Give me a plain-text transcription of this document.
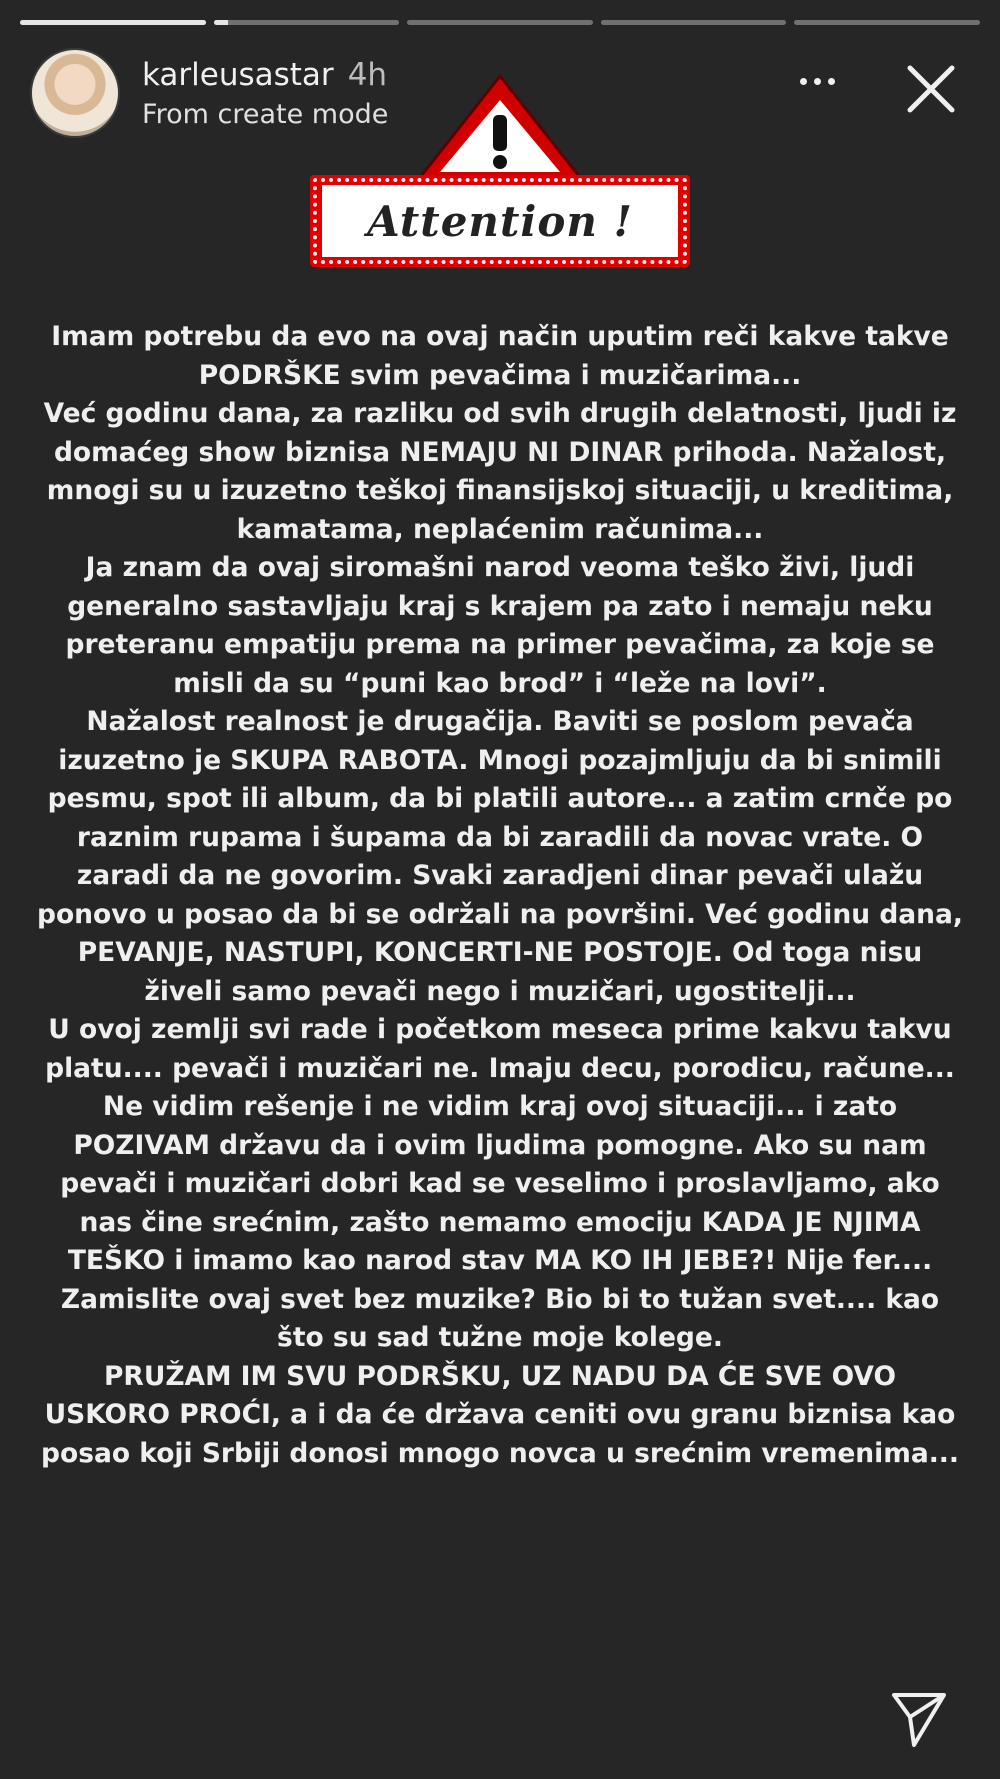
karleusastar 4h
From create mode
Attention !

Imam potrebu da evo na ovaj način uputim reči kakve takve

PODRŠKE svim pevačima i muzičarima...

Već godinu dana, za razliku od svih drugih delatnosti, ljudi iz

domaćeg show biznisa NEMAJU NI DINAR prihoda. Nažalost,

mnogi su u izuzetno teškoj finansijskoj situaciji, u kreditima,

kamatama, neplaćenim računima...

Ja znam da ovaj siromašni narod veoma teško živi, ljudi

generalno sastavljaju kraj s krajem pa zato i nemaju neku

preteranu empatiju prema na primer pevačima, za koje se

misli da su “puni kao brod” i “leže na lovi”.

Nažalost realnost je drugačija. Baviti se poslom pevača

izuzetno je SKUPA RABOTA. Mnogi pozajmljuju da bi snimili

pesmu, spot ili album, da bi platili autore... a zatim crnče po

raznim rupama i šupama da bi zaradili da novac vrate. O

zaradi da ne govorim. Svaki zaradjeni dinar pevači ulažu

ponovo u posao da bi se održali na površini. Već godinu dana,

PEVANJE, NASTUPI, KONCERTI-NE POSTOJE. Od toga nisu

živeli samo pevači nego i muzičari, ugostitelji...

U ovoj zemlji svi rade i početkom meseca prime kakvu takvu

platu.... pevači i muzičari ne. Imaju decu, porodicu, račune...

Ne vidim rešenje i ne vidim kraj ovoj situaciji... i zato

POZIVAM državu da i ovim ljudima pomogne. Ako su nam

pevači i muzičari dobri kad se veselimo i proslavljamo, ako

nas čine srećnim, zašto nemamo emociju KADA JE NJIMA

TEŠKO i imamo kao narod stav MA KO IH JEBE?! Nije fer....

Zamislite ovaj svet bez muzike? Bio bi to tužan svet.... kao

što su sad tužne moje kolege.

PRUŽAM IM SVU PODRŠKU, UZ NADU DA ĆE SVE OVO

USKORO PROĆI, a i da će država ceniti ovu granu biznisa kao

posao koji Srbiji donosi mnogo novca u srećnim vremenima...
